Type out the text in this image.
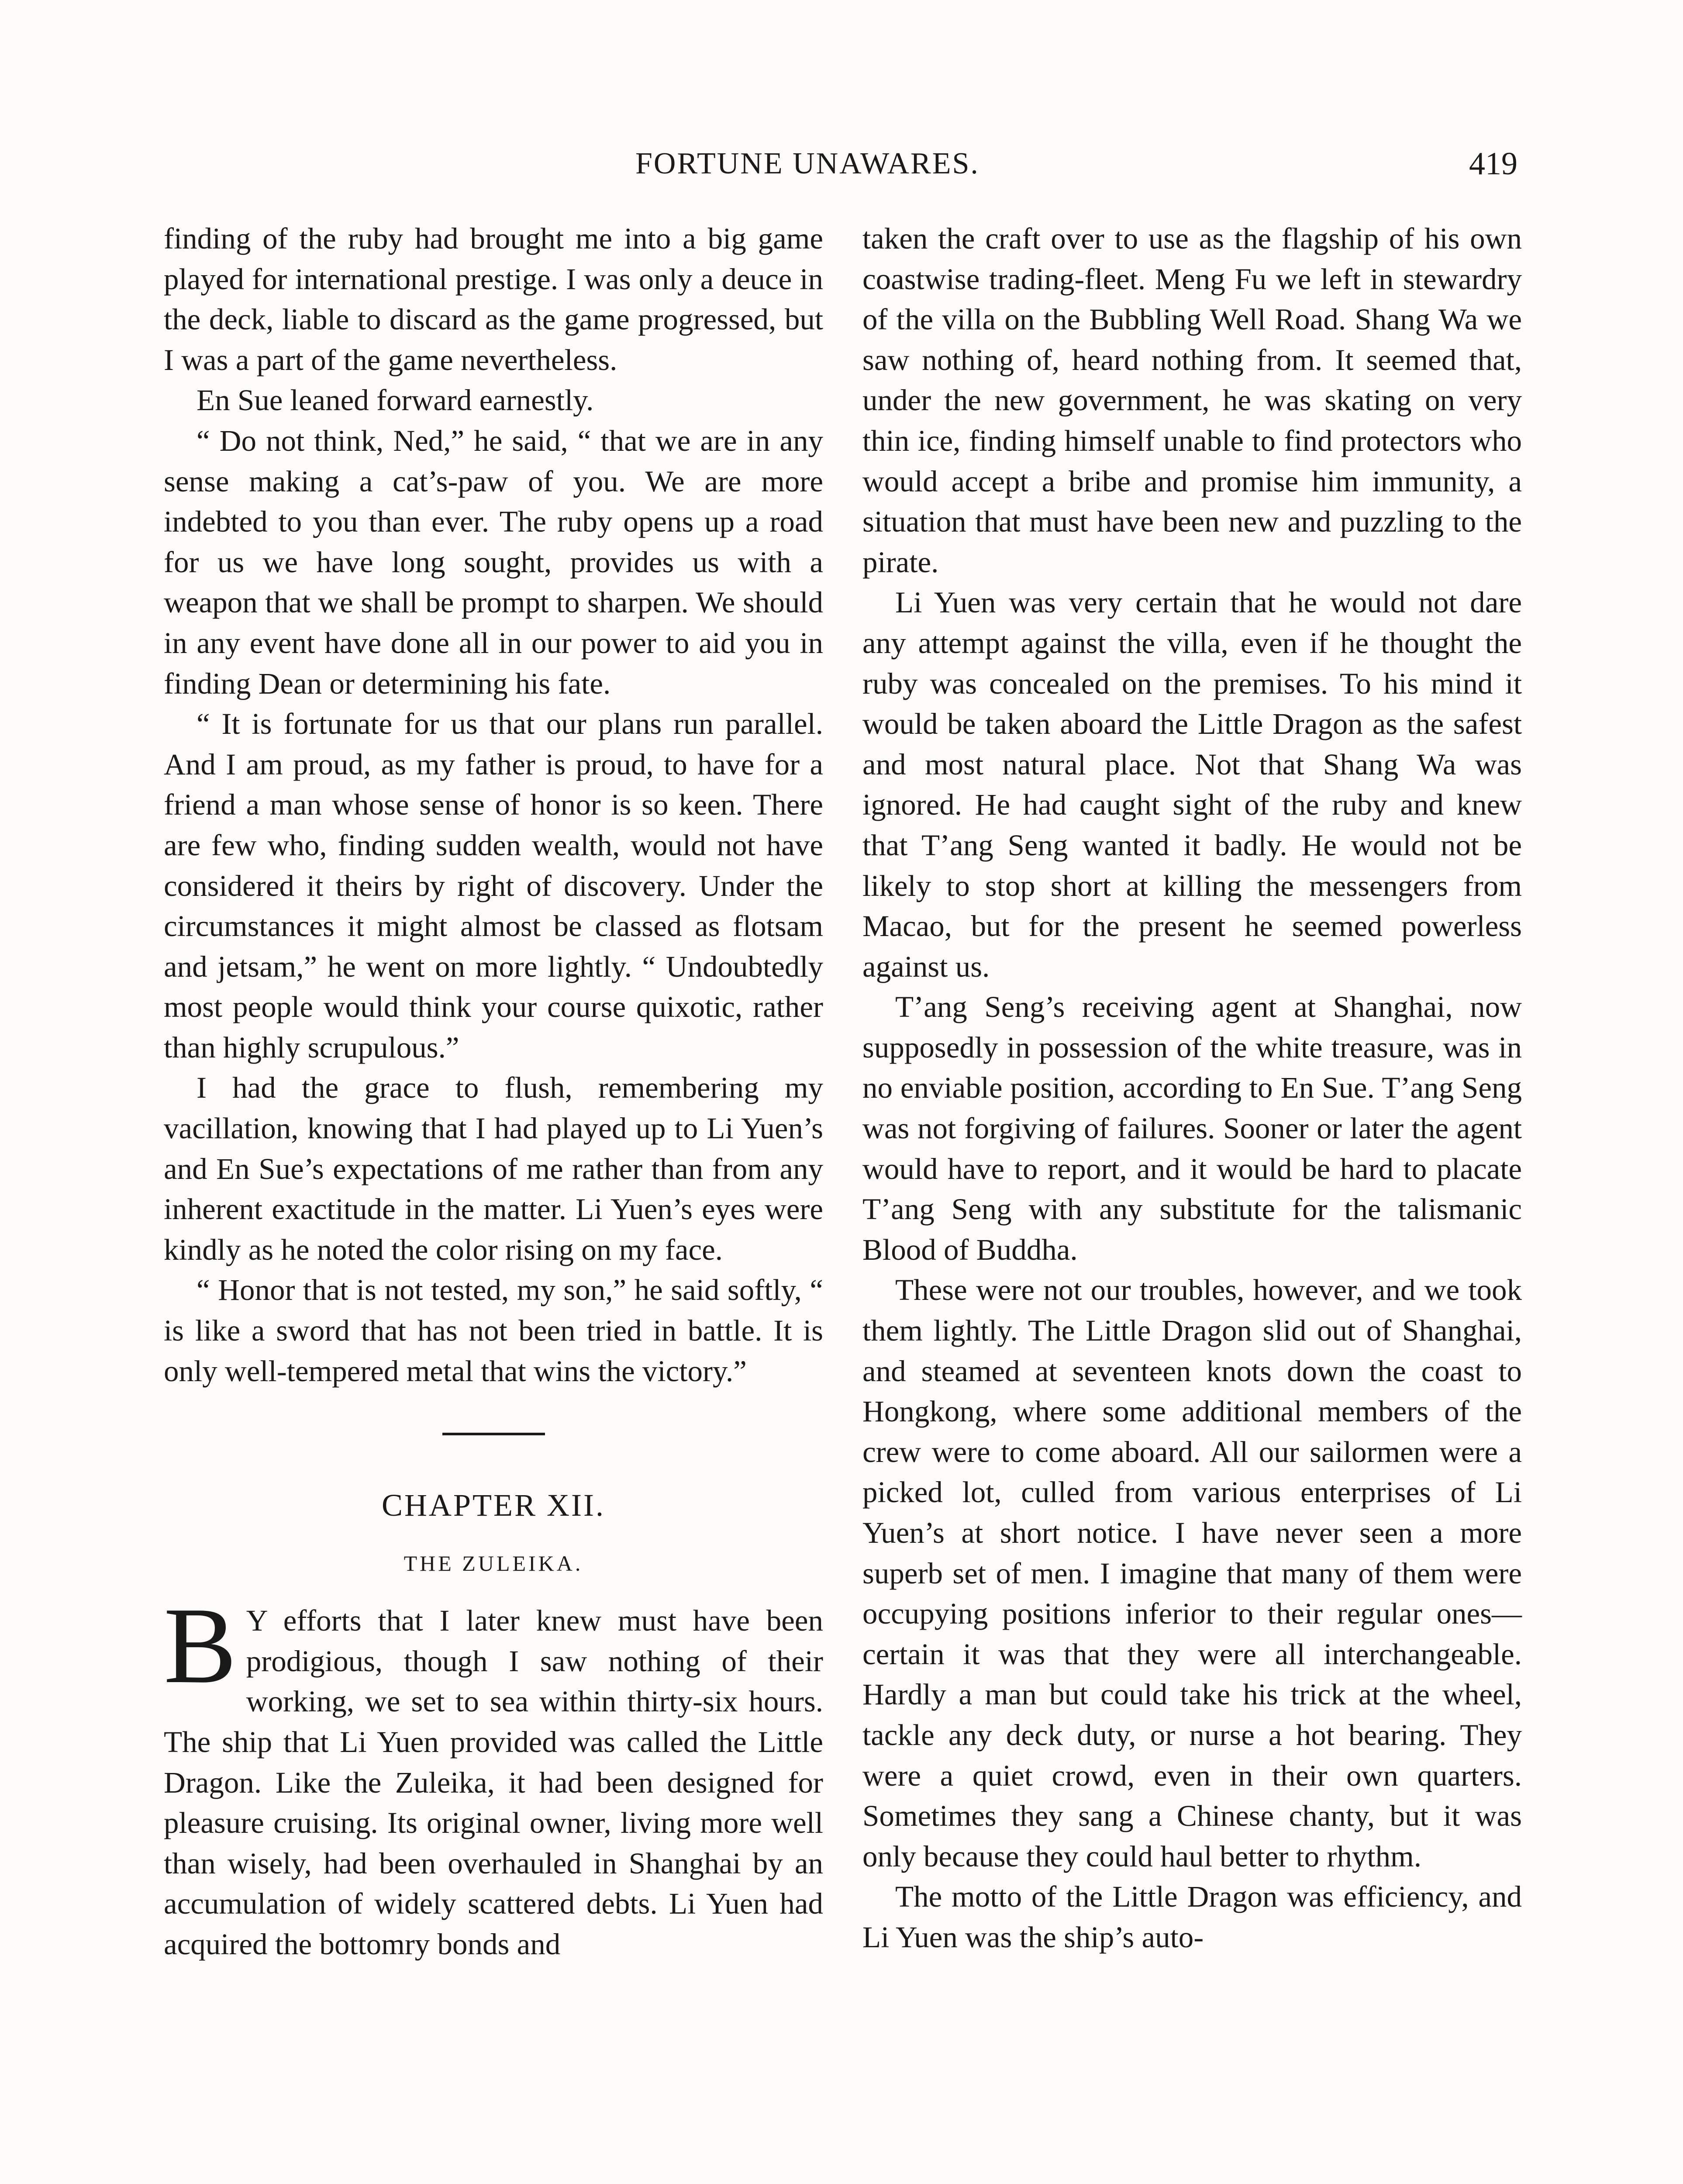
FORTUNE UNAWARES.	419

finding of the ruby had brought me into a big game played for international prestige. I was only a deuce in the deck, liable to discard as the game progressed, but I was a part of the game nevertheless.

En Sue leaned forward earnestly.

“ Do not think, Ned,” he said, “ that we are in any sense making a cat’s-paw of you. We are more indebted to you than ever. The ruby opens up a road for us we have long sought, provides us with a weapon that we shall be prompt to sharpen. We should in any event have done all in our power to aid you in finding Dean or determining his fate.

“ It is fortunate for us that our plans run parallel. And I am proud, as my father is proud, to have for a friend a man whose sense of honor is so keen. There are few who, finding sudden wealth, would not have considered it theirs by right of discovery. Under the circumstances it might almost be classed as flotsam and jetsam,” he went on more lightly. “ Undoubtedly most people would think your course quixotic, rather than highly scrupulous.”

I had the grace to flush, remembering my vacillation, knowing that I had played up to Li Yuen’s and En Sue’s expectations of me rather than from any inherent exactitude in the matter. Li Yuen’s eyes were kindly as he noted the color rising on my face.

“ Honor that is not tested, my son,” he said softly, “ is like a sword that has not been tried in battle. It is only well-tempered metal that wins the victory.”

CHAPTER XII.
THE ZULEIKA.

B Y efforts that I later knew must have been prodigious, though I saw nothing of their working, we set to sea within thirty-six hours. The ship that Li Yuen provided was called the Little Dragon. Like the Zuleika, it had been designed for pleasure cruising. Its original owner, living more well than wisely, had been overhauled in Shanghai by an accumulation of widely scattered debts. Li Yuen had acquired the bottomry bonds and

taken the craft over to use as the flagship of his own coastwise trading-fleet. Meng Fu we left in stewardry of the villa on the Bubbling Well Road. Shang Wa we saw nothing of, heard nothing from. It seemed that, under the new government, he was skating on very thin ice, finding himself unable to find protectors who would accept a bribe and promise him immunity, a situation that must have been new and puzzling to the pirate.

Li Yuen was very certain that he would not dare any attempt against the villa, even if he thought the ruby was concealed on the premises. To his mind it would be taken aboard the Little Dragon as the safest and most natural place. Not that Shang Wa was ignored. He had caught sight of the ruby and knew that T’ang Seng wanted it badly. He would not be likely to stop short at killing the messengers from Macao, but for the present he seemed powerless against us.

T’ang Seng’s receiving agent at Shanghai, now supposedly in possession of the white treasure, was in no enviable position, according to En Sue. T’ang Seng was not forgiving of failures. Sooner or later the agent would have to report, and it would be hard to placate T’ang Seng with any substitute for the talismanic Blood of Buddha.

These were not our troubles, however, and we took them lightly. The Little Dragon slid out of Shanghai, and steamed at seventeen knots down the coast to Hongkong, where some additional members of the crew were to come aboard. All our sailormen were a picked lot, culled from various enterprises of Li Yuen’s at short notice. I have never seen a more superb set of men. I imagine that many of them were occupying positions inferior to their regular ones—certain it was that they were all interchangeable. Hardly a man but could take his trick at the wheel, tackle any deck duty, or nurse a hot bearing. They were a quiet crowd, even in their own quarters. Sometimes they sang a Chinese chanty, but it was only because they could haul better to rhythm.

The motto of the Little Dragon was efficiency, and Li Yuen was the ship’s auto-
